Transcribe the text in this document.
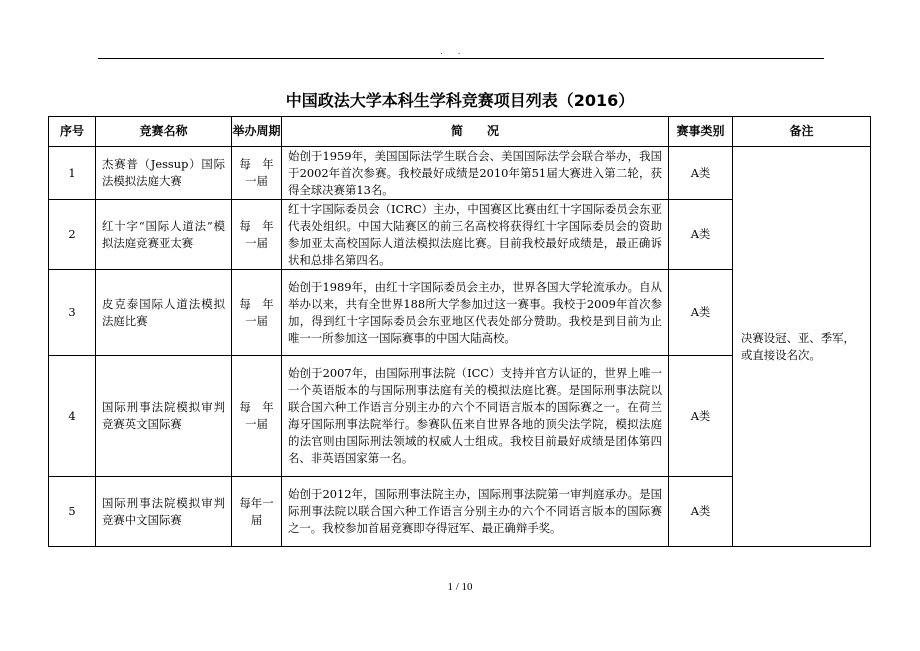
. .
中国政法大学本科生学科竞赛项目列表（2016）
序号	竞赛名称	举办周期	简　　况	赛事类别	备注
1	杰赛普（Jessup）国际法模拟法庭大赛	每　年一届	始创于1959年，美国国际法学生联合会、美国国际法学会联合举办，我国于2002年首次参赛。我校最好成绩是2010年第51届大赛进入第二轮，获得全球决赛第13名。	A类	决赛设冠、亚、季军，或直接设名次。
2	红十字“国际人道法”模拟法庭竞赛亚太赛	每　年一届	红十字国际委员会（ICRC）主办，中国赛区比赛由红十字国际委员会东亚代表处组织。中国大陆赛区的前三名高校将获得红十字国际委员会的资助参加亚太高校国际人道法模拟法庭比赛。目前我校最好成绩是，最正确诉状和总排名第四名。	A类	
3	皮克泰国际人道法模拟法庭比赛	每　年一届	始创于1989年，由红十字国际委员会主办，世界各国大学轮流承办。自从举办以来，共有全世界188所大学参加过这一赛事。我校于2009年首次参加，得到红十字国际委员会东亚地区代表处部分赞助。我校是到目前为止唯一一所参加这一国际赛事的中国大陆高校。	A类	
4	国际刑事法院模拟审判竞赛英文国际赛	每　年一届	始创于2007年，由国际刑事法院（ICC）支持并官方认证的，世界上唯一一个英语版本的与国际刑事法庭有关的模拟法庭比赛。是国际刑事法院以联合国六种工作语言分别主办的六个不同语言版本的国际赛之一。在荷兰海牙国际刑事法院举行。参赛队伍来自世界各地的顶尖法学院，模拟法庭的法官则由国际刑法领域的权威人士组成。我校目前最好成绩是团体第四名、非英语国家第一名。	A类	
5	国际刑事法院模拟审判竞赛中文国际赛	每年一届	始创于2012年，国际刑事法院主办，国际刑事法院第一审判庭承办。是国际刑事法院以联合国六种工作语言分别主办的六个不同语言版本的国际赛之一。我校参加首届竞赛即夺得冠军、最正确辩手奖。	A类	
1 / 10
